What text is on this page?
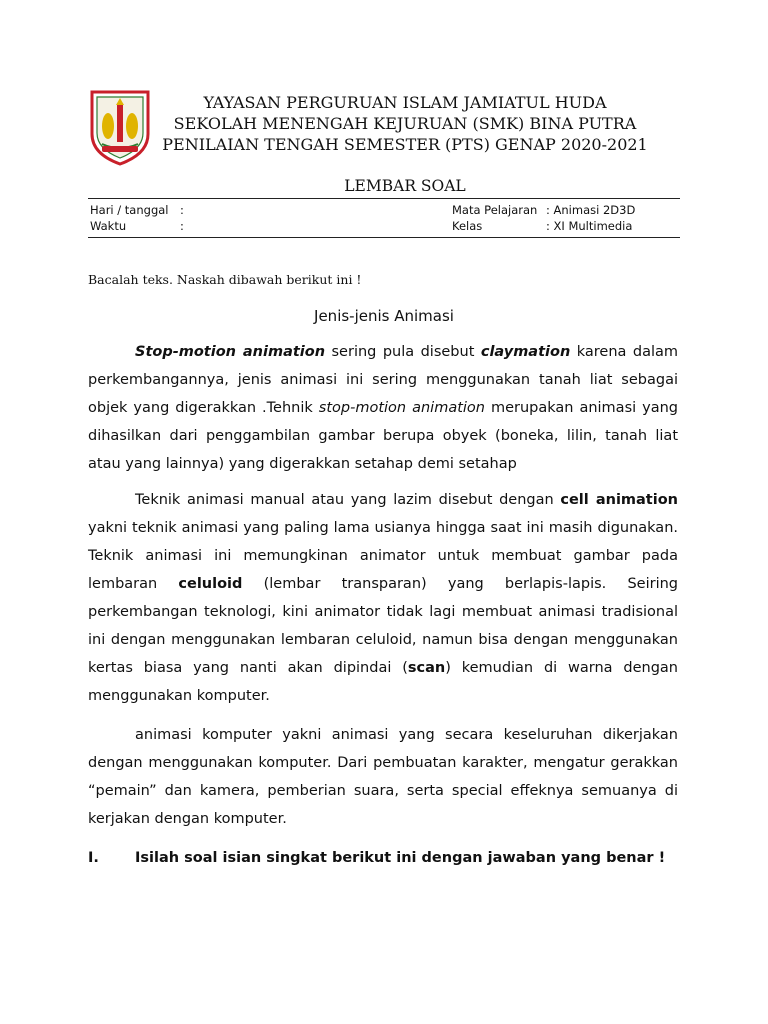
YAYASAN PERGURUAN ISLAM JAMIATUL HUDA
SEKOLAH MENENGAH KEJURUAN (SMK) BINA PUTRA
PENILAIAN TENGAH SEMESTER (PTS) GENAP 2020-2021
LEMBAR SOAL
Hari / tanggal :
Waktu	:
Mata Pelajaran : Animasi 2D3D
Kelas	: XI Multimedia
Bacalah teks. Naskah dibawah berikut ini !
Jenis-jenis Animasi

Stop-motion animation sering pula disebut claymation karena dalam perkembangannya, jenis animasi ini sering menggunakan tanah liat sebagai objek yang digerakkan .Tehnik stop-motion animation merupakan animasi yang dihasilkan dari penggambilan gambar berupa obyek (boneka, lilin, tanah liat atau yang lainnya) yang digerakkan setahap demi setahap

Teknik animasi manual atau yang lazim disebut dengan cell animation yakni teknik animasi yang paling lama usianya hingga saat ini masih digunakan. Teknik animasi ini memungkinan animator untuk membuat gambar pada lembaran celuloid (lembar transparan) yang berlapis-lapis. Seiring perkembangan teknologi, kini animator tidak lagi membuat animasi tradisional ini dengan menggunakan lembaran celuloid, namun bisa dengan menggunakan kertas biasa yang nanti akan dipindai (scan) kemudian di warna dengan menggunakan komputer.

animasi komputer yakni animasi yang secara keseluruhan dikerjakan dengan menggunakan komputer. Dari pembuatan karakter, mengatur gerakkan “pemain” dan kamera, pemberian suara, serta special effeknya semuanya di kerjakan dengan komputer.

I. Isilah soal isian singkat berikut ini dengan jawaban yang benar !
